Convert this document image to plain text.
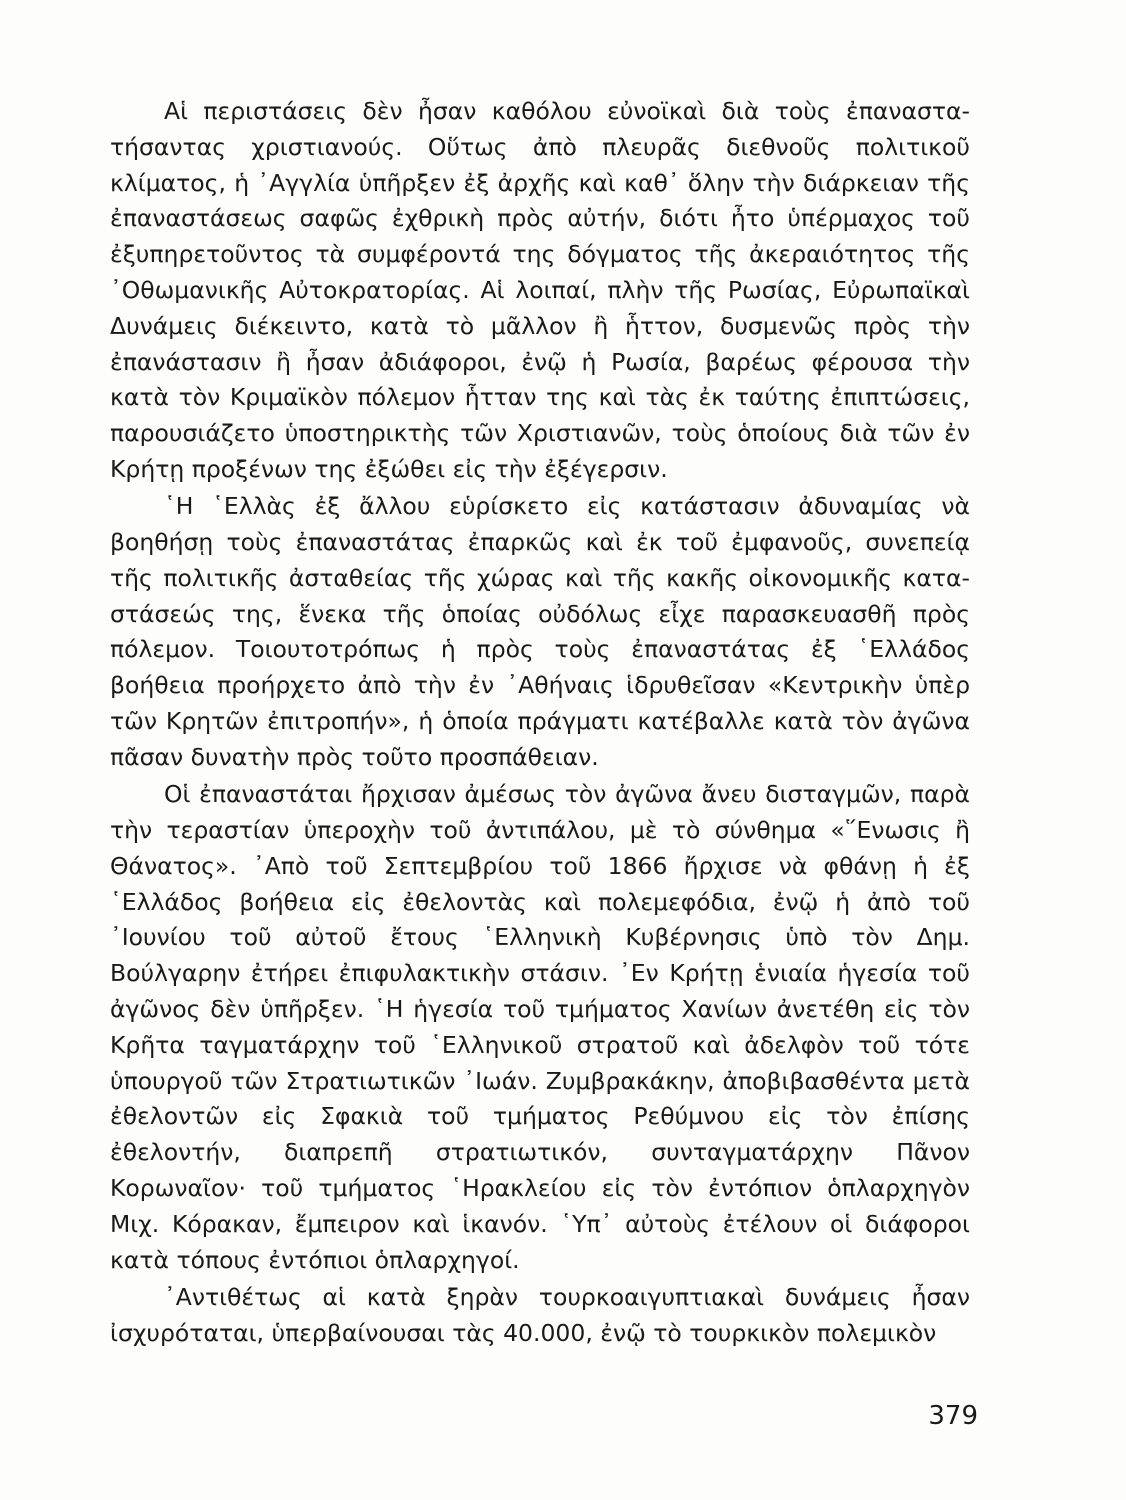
Αἱ περιστάσεις δὲν ἦσαν καθόλου εὐνοϊκαὶ διὰ τοὺς ἐπαναστατήσαντας χριστιανούς. Οὕτως ἀπὸ πλευρᾶς διεθνοῦς πολιτικοῦ κλίματος, ἡ ᾿Αγγλία ὑπῆρξεν ἐξ ἀρχῆς καὶ καθ᾿ ὅλην τὴν διάρκειαν τῆς ἐπαναστάσεως σαφῶς ἐχθρικὴ πρὸς αὐτήν, διότι ἦτο ὑπέρμαχος τοῦ ἐξυπηρετοῦντος τὰ συμφέροντά της δόγματος τῆς ἀκεραιότητος τῆς ᾿Οθωμανικῆς Αὐτοκρατορίας. Αἱ λοιπαί, πλὴν τῆς Ρωσίας, Εὐρωπαϊκαὶ Δυνάμεις διέκειντο, κατὰ τὸ μᾶλλον ἢ ἧττον, δυσμενῶς πρὸς τὴν ἐπανάστασιν ἢ ἦσαν ἀδιάφοροι, ἐνῷ ἡ Ρωσία, βαρέως φέρουσα τὴν κατὰ τὸν Κριμαϊκὸν πόλεμον ἧτταν της καὶ τὰς ἐκ ταύτης ἐπιπτώσεις, παρουσιάζετο ὑποστηρικτὴς τῶν Χριστιανῶν, τοὺς ὁποίους διὰ τῶν ἐν Κρήτῃ προξένων της ἐξώθει εἰς τὴν ἐξέγερσιν.

῾Η ῾Ελλὰς ἐξ ἄλλου εὑρίσκετο εἰς κατάστασιν ἀδυναμίας νὰ βοηθήσῃ τοὺς ἐπαναστάτας ἐπαρκῶς καὶ ἐκ τοῦ ἐμφανοῦς, συνεπείᾳ τῆς πολιτικῆς ἀσταθείας τῆς χώρας καὶ τῆς κακῆς οἰκονομικῆς καταστάσεώς της, ἕνεκα τῆς ὁποίας οὐδόλως εἶχε παρασκευασθῆ πρὸς πόλεμον. Τοιουτοτρόπως ἡ πρὸς τοὺς ἐπαναστάτας ἐξ ῾Ελλάδος βοήθεια προήρχετο ἀπὸ τὴν ἐν ᾿Αθήναις ἱδρυθεῖσαν «Κεντρικὴν ὑπὲρ τῶν Κρητῶν ἐπιτροπήν», ἡ ὁποία πράγματι κατέβαλλε κατὰ τὸν ἀγῶνα πᾶσαν δυνατὴν πρὸς τοῦτο προσπάθειαν.

Οἱ ἐπαναστάται ἤρχισαν ἀμέσως τὸν ἀγῶνα ἄνευ δισταγμῶν, παρὰ τὴν τεραστίαν ὑπεροχὴν τοῦ ἀντιπάλου, μὲ τὸ σύνθημα «῞Ενωσις ἢ Θάνατος». ᾿Απὸ τοῦ Σεπτεμβρίου τοῦ 1866 ἤρχισε νὰ φθάνῃ ἡ ἐξ ῾Ελλάδος βοήθεια εἰς ἐθελοντὰς καὶ πολεμεφόδια, ἐνῷ ἡ ἀπὸ τοῦ ᾿Ιουνίου τοῦ αὐτοῦ ἔτους ῾Ελληνικὴ Κυβέρνησις ὑπὸ τὸν Δημ. Βούλγαρην ἐτήρει ἐπιφυλακτικὴν στάσιν. ᾿Εν Κρήτῃ ἑνιαία ἡγεσία τοῦ ἀγῶνος δὲν ὑπῆρξεν. ῾Η ἡγεσία τοῦ τμήματος Χανίων ἀνετέθη εἰς τὸν Κρῆτα ταγματάρχην τοῦ ῾Ελληνικοῦ στρατοῦ καὶ ἀδελφὸν τοῦ τότε ὑπουργοῦ τῶν Στρατιωτικῶν ᾿Ιωάν. Ζυμβρακάκην, ἀποβιβασθέντα μετὰ ἐθελοντῶν εἰς Σφακιὰ τοῦ τμήματος Ρεθύμνου εἰς τὸν ἐπίσης ἐθελοντήν, διαπρεπῆ στρατιωτικόν, συνταγματάρχην Πᾶνον Κορωναῖον· τοῦ τμήματος ῾Ηρακλείου εἰς τὸν ἐντόπιον ὁπλαρχηγὸν Μιχ. Κόρακαν, ἔμπειρον καὶ ἱκανόν. ῾Υπ᾿ αὐτοὺς ἐτέλουν οἱ διάφοροι κατὰ τόπους ἐντόπιοι ὁπλαρχηγοί.

᾿Αντιθέτως αἱ κατὰ ξηρὰν τουρκοαιγυπτιακαὶ δυνάμεις ἦσαν ἰσχυρόταται, ὑπερβαίνουσαι τὰς 40.000, ἐνῷ τὸ τουρκικὸν πολεμικὸν

379
